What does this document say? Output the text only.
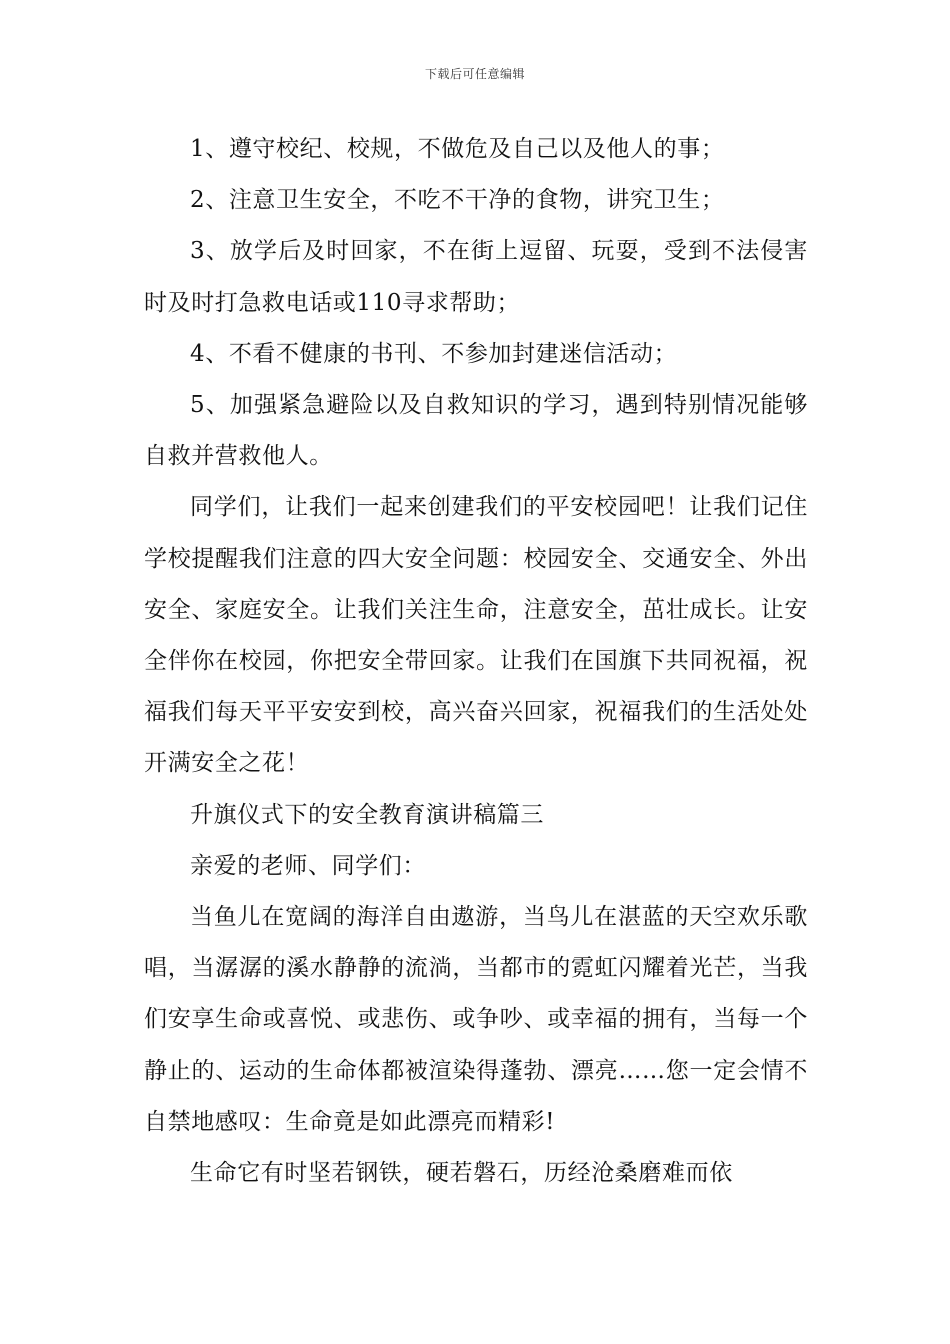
下载后可任意编辑

1、遵守校纪、校规，不做危及自己以及他人的事；

2、注意卫生安全，不吃不干净的食物，讲究卫生；

3、放学后及时回家，不在街上逗留、玩耍，受到不法侵害时及时打急救电话或110寻求帮助；

4、不看不健康的书刊、不参加封建迷信活动；

5、加强紧急避险以及自救知识的学习，遇到特别情况能够自救并营救他人。

同学们，让我们一起来创建我们的平安校园吧！让我们记住学校提醒我们注意的四大安全问题：校园安全、交通安全、外出安全、家庭安全。让我们关注生命，注意安全，茁壮成长。让安全伴你在校园，你把安全带回家。让我们在国旗下共同祝福，祝福我们每天平平安安到校，高兴奋兴回家，祝福我们的生活处处开满安全之花！

升旗仪式下的安全教育演讲稿篇三

亲爱的老师、同学们：

当鱼儿在宽阔的海洋自由遨游，当鸟儿在湛蓝的天空欢乐歌唱，当潺潺的溪水静静的流淌，当都市的霓虹闪耀着光芒，当我们安享生命或喜悦、或悲伤、或争吵、或幸福的拥有，当每一个静止的、运动的生命体都被渲染得蓬勃、漂亮……您一定会情不自禁地感叹：生命竟是如此漂亮而精彩!

生命它有时坚若钢铁，硬若磐石，历经沧桑磨难而依
